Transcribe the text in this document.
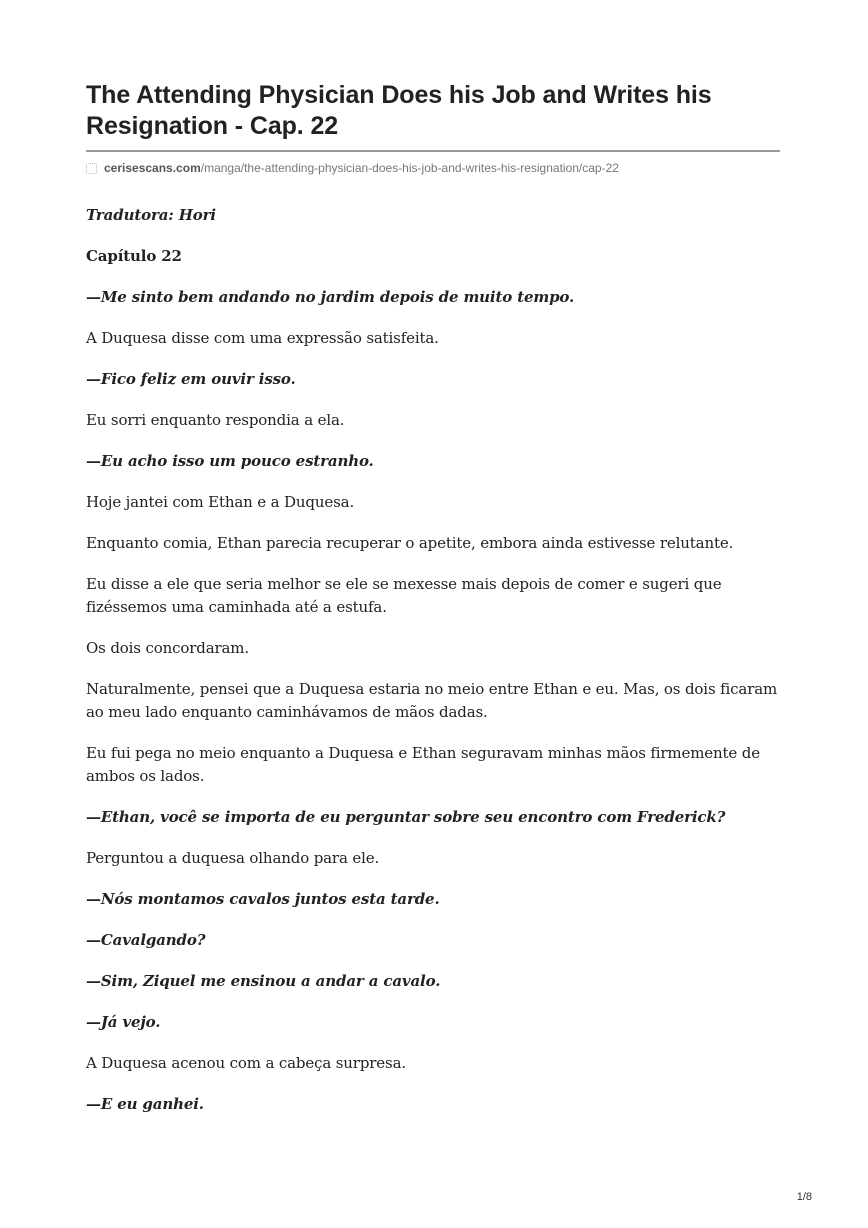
The Attending Physician Does his Job and Writes his Resignation - Cap. 22
cerisescans.com /manga/the-attending-physician-does-his-job-and-writes-his-resignation/cap-22

Tradutora: Hori

Capítulo 22

—Me sinto bem andando no jardim depois de muito tempo.

A Duquesa disse com uma expressão satisfeita.

—Fico feliz em ouvir isso.

Eu sorri enquanto respondia a ela.

—Eu acho isso um pouco estranho.

Hoje jantei com Ethan e a Duquesa.

Enquanto comia, Ethan parecia recuperar o apetite, embora ainda estivesse relutante.

Eu disse a ele que seria melhor se ele se mexesse mais depois de comer e sugeri que fizéssemos uma caminhada até a estufa.

Os dois concordaram.

Naturalmente, pensei que a Duquesa estaria no meio entre Ethan e eu. Mas, os dois ficaram ao meu lado enquanto caminhávamos de mãos dadas.

Eu fui pega no meio enquanto a Duquesa e Ethan seguravam minhas mãos firmemente de ambos os lados.

—Ethan, você se importa de eu perguntar sobre seu encontro com Frederick?

Perguntou a duquesa olhando para ele.

—Nós montamos cavalos juntos esta tarde.

—Cavalgando?

—Sim, Ziquel me ensinou a andar a cavalo.

—Já vejo.

A Duquesa acenou com a cabeça surpresa.

—E eu ganhei.

1/8
